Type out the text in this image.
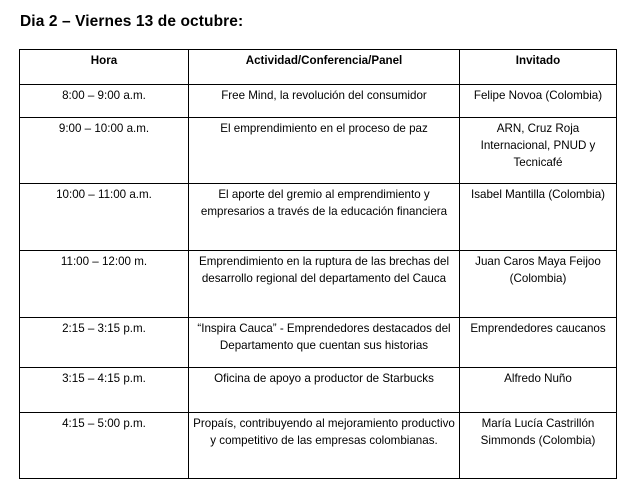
Dia 2 – Viernes 13 de octubre:
Hora	Actividad/Conferencia/Panel	Invitado
8:00 – 9:00 a.m.	Free Mind, la revolución del consumidor	Felipe Novoa (Colombia)
9:00 – 10:00 a.m.	El emprendimiento en el proceso de paz	ARN, Cruz Roja Internacional, PNUD y Tecnicafé
10:00 – 11:00 a.m.	El aporte del gremio al emprendimiento y empresarios a través de la educación financiera	Isabel Mantilla (Colombia)
11:00 – 12:00 m.	Emprendimiento en la ruptura de las brechas del desarrollo regional del departamento del Cauca	Juan Caros Maya Feijoo (Colombia)
2:15 – 3:15 p.m.	“Inspira Cauca” - Emprendedores destacados del Departamento que cuentan sus historias	Emprendedores caucanos
3:15 – 4:15 p.m.	Oficina de apoyo a productor de Starbucks	Alfredo Nuño
4:15 – 5:00 p.m.	Propaís, contribuyendo al mejoramiento productivo y competitivo de las empresas colombianas.	María Lucía Castrillón Simmonds (Colombia)
